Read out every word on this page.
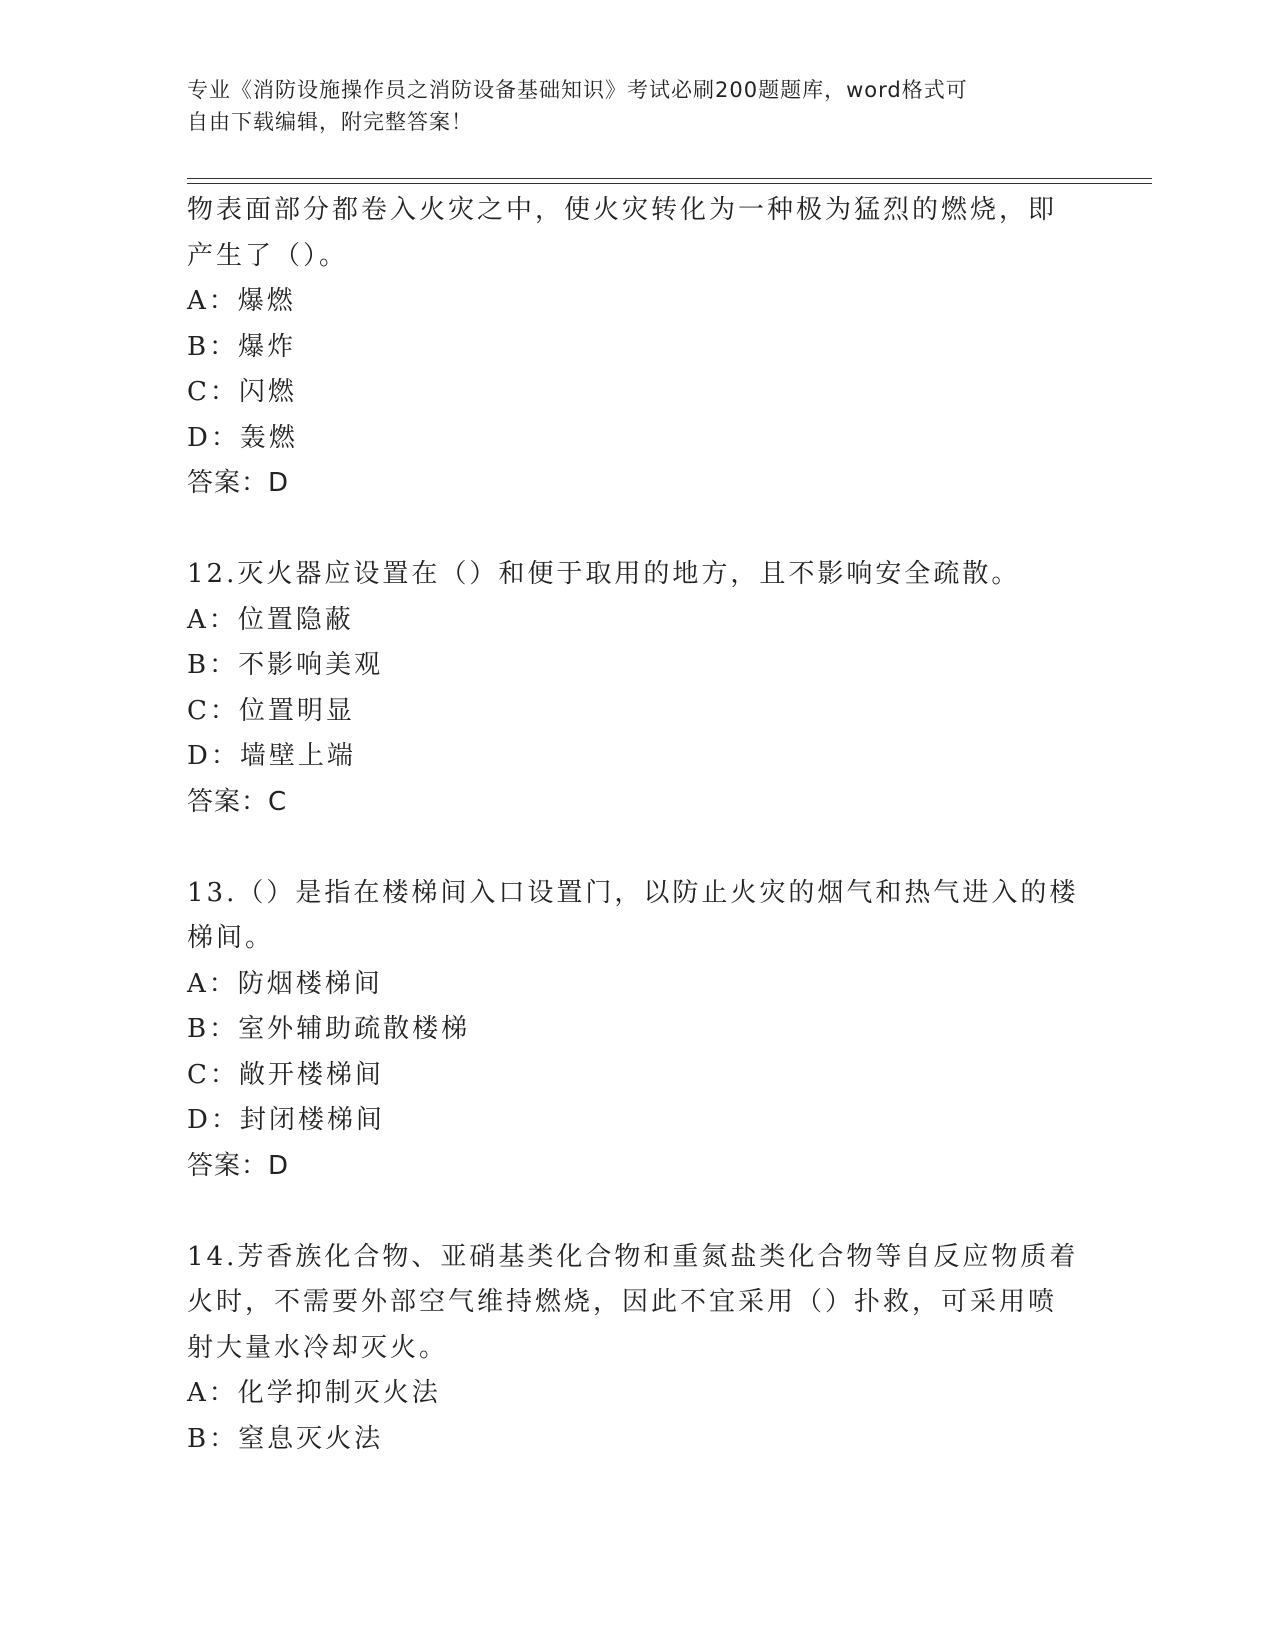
专业《消防设施操作员之消防设备基础知识》考试必刷200题题库，word格式可
自由下载编辑，附完整答案！
物表面部分都卷入火灾之中，使火灾转化为一种极为猛烈的燃烧，即
产生了（）。
A：爆燃
B：爆炸
C：闪燃
D：轰燃
答案：D
12.灭火器应设置在（）和便于取用的地方，且不影响安全疏散。
A：位置隐蔽
B：不影响美观
C：位置明显
D：墙壁上端
答案：C
13.（）是指在楼梯间入口设置门，以防止火灾的烟气和热气进入的楼
梯间。
A：防烟楼梯间
B：室外辅助疏散楼梯
C：敞开楼梯间
D：封闭楼梯间
答案：D
14.芳香族化合物、亚硝基类化合物和重氮盐类化合物等自反应物质着
火时，不需要外部空气维持燃烧，因此不宜采用（）扑救，可采用喷
射大量水冷却灭火。
A：化学抑制灭火法
B：窒息灭火法
